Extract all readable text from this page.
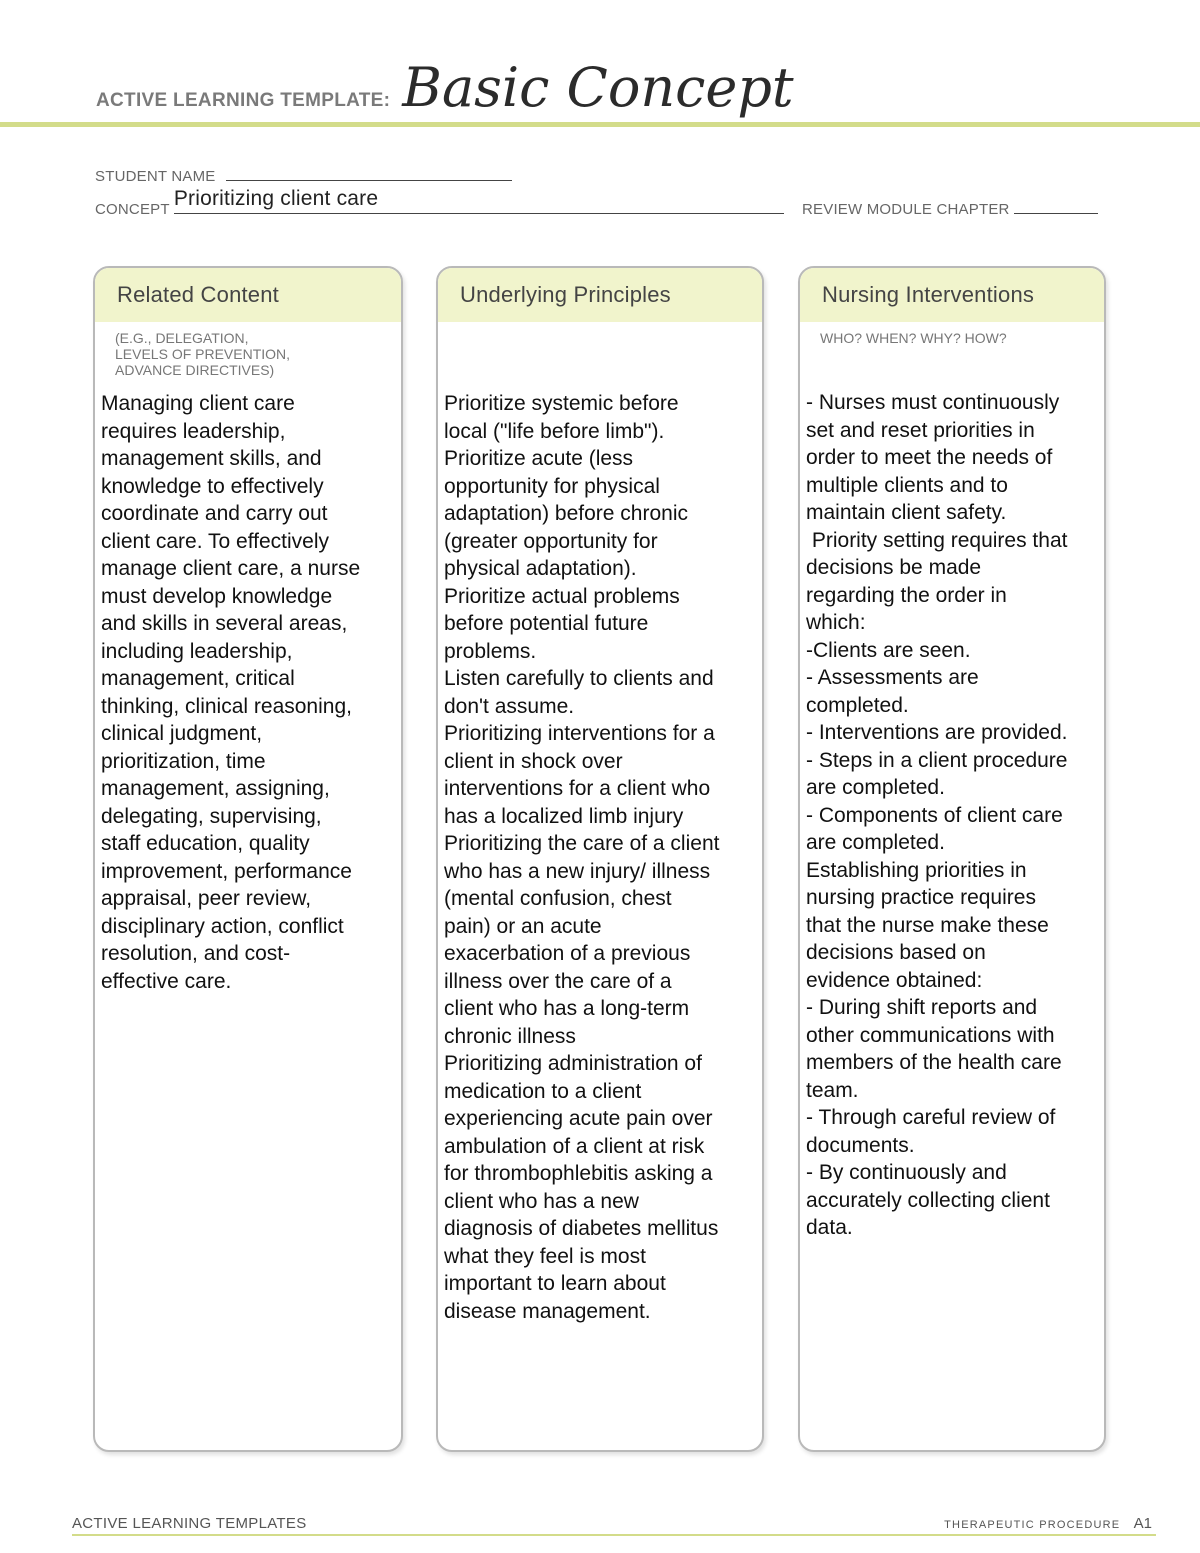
ACTIVE LEARNING TEMPLATE: Basic Concept
STUDENT NAME
CONCEPT Prioritizing client care	REVIEW MODULE CHAPTER
Related Content
(E.G., DELEGATION,
LEVELS OF PREVENTION,
ADVANCE DIRECTIVES)
Managing client care
requires leadership,
management skills, and
knowledge to effectively
coordinate and carry out
client care. To effectively
manage client care, a nurse
must develop knowledge
and skills in several areas,
including leadership,
management, critical
thinking, clinical reasoning,
clinical judgment,
prioritization, time
management, assigning,
delegating, supervising,
staff education, quality
improvement, performance
appraisal, peer review,
disciplinary action, conflict
resolution, and cost-
effective care.
Underlying Principles
Prioritize systemic before
local ("life before limb").
Prioritize acute (less
opportunity for physical
adaptation) before chronic
(greater opportunity for
physical adaptation).
Prioritize actual problems
before potential future
problems.
Listen carefully to clients and
don't assume.
Prioritizing interventions for a
client in shock over
interventions for a client who
has a localized limb injury
Prioritizing the care of a client
who has a new injury/ illness
(mental confusion, chest
pain) or an acute
exacerbation of a previous
illness over the care of a
client who has a long-term
chronic illness
Prioritizing administration of
medication to a client
experiencing acute pain over
ambulation of a client at risk
for thrombophlebitis asking a
client who has a new
diagnosis of diabetes mellitus
what they feel is most
important to learn about
disease management.
Nursing Interventions
WHO? WHEN? WHY? HOW?
- Nurses must continuously
set and reset priorities in
order to meet the needs of
multiple clients and to
maintain client safety.
Priority setting requires that
decisions be made
regarding the order in
which:
-Clients are seen.
- Assessments are
completed.
- Interventions are provided.
- Steps in a client procedure
are completed.
- Components of client care
are completed.
Establishing priorities in
nursing practice requires
that the nurse make these
decisions based on
evidence obtained:
- During shift reports and
other communications with
members of the health care
team.
- Through careful review of
documents.
- By continuously and
accurately collecting client
data.
ACTIVE LEARNING TEMPLATES	THERAPEUTIC PROCEDURE A1
